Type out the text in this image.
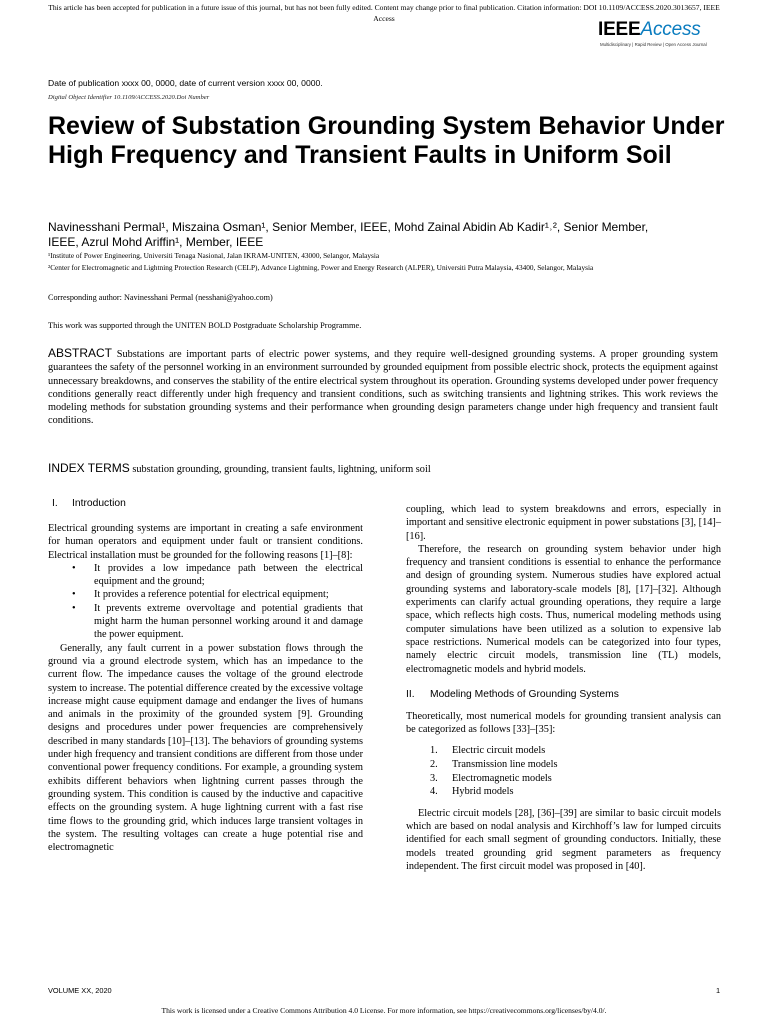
This article has been accepted for publication in a future issue of this journal, but has not been fully edited. Content may change prior to final publication. Citation information: DOI 10.1109/ACCESS.2020.3013657, IEEE
Access
IEEEAccess
Multidisciplinary | Rapid Review | Open Access Journal
Date of publication xxxx 00, 0000, date of current version xxxx 00, 0000.
Digital Object Identifier 10.1109/ACCESS.2020.Doi Number
Review of Substation Grounding System Behavior Under High Frequency and Transient Faults in Uniform Soil
Navinesshani Permal¹, Miszaina Osman¹, Senior Member, IEEE, Mohd Zainal Abidin Ab Kadir¹˒², Senior Member,
IEEE, Azrul Mohd Ariffin¹, Member, IEEE
¹Institute of Power Engineering, Universiti Tenaga Nasional, Jalan IKRAM-UNITEN, 43000, Selangor, Malaysia
²Center for Electromagnetic and Lightning Protection Research (CELP), Advance Lightning, Power and Energy Research (ALPER), Universiti Putra Malaysia, 43400, Selangor, Malaysia
Corresponding author: Navinesshani Permal (nesshani@yahoo.com)
This work was supported through the UNITEN BOLD Postgraduate Scholarship Programme.
ABSTRACT Substations are important parts of electric power systems, and they require well-designed grounding systems. A proper grounding system guarantees the safety of the personnel working in an environment surrounded by grounded equipment from possible electric shock, protects the equipment against unnecessary breakdowns, and conserves the stability of the entire electrical system throughout its operation. Grounding systems developed under power frequency conditions generally react differently under high frequency and transient conditions, such as switching transients and lightning strikes. This work reviews the modeling methods for substation grounding systems and their performance when grounding design parameters change under high frequency and transient fault conditions.
INDEX TERMS substation grounding, grounding, transient faults, lightning, uniform soil
I. Introduction

Electrical grounding systems are important in creating a safe environment for human operators and equipment under fault or transient conditions. Electrical installation must be grounded for the following reasons [1]–[8]:

• It provides a low impedance path between the electrical equipment and the ground;
• It provides a reference potential for electrical equipment;
• It prevents extreme overvoltage and potential gradients that might harm the human personnel working around it and damage the power equipment.

Generally, any fault current in a power substation flows through the ground via a ground electrode system, which has an impedance to the current flow. The impedance causes the voltage of the ground electrode system to increase. The potential difference created by the excessive voltage increase might cause equipment damage and endanger the lives of humans and animals in the proximity of the grounded system [9]. Grounding designs and procedures under power frequencies are comprehensively described in many standards [10]–[13]. The behaviors of grounding systems under high frequency and transient conditions are different from those under conventional power frequency conditions. For example, a grounding system exhibits different behaviors when lightning current passes through the grounding system. This condition is caused by the inductive and capacitive effects on the grounding system. A huge lightning current with a fast rise time flows to the grounding grid, which induces large transient voltages in the system. The resulting voltages can create a huge potential rise and electromagnetic

coupling, which lead to system breakdowns and errors, especially in important and sensitive electronic equipment in power substations [3], [14]–[16].

Therefore, the research on grounding system behavior under high frequency and transient conditions is essential to enhance the performance and design of grounding system. Numerous studies have explored actual grounding systems and laboratory-scale models [8], [17]–[32]. Although experiments can clarify actual grounding operations, they require a large space, which reflects high costs. Thus, numerical modeling methods using computer simulations have been utilized as a solution to expensive lab space restrictions. Numerical models can be categorized into four types, namely electric circuit models, transmission line (TL) models, electromagnetic models and hybrid models.

II. Modeling Methods of Grounding Systems

Theoretically, most numerical models for grounding transient analysis can be categorized as follows [33]–[35]:

1. Electric circuit models
2. Transmission line models
3. Electromagnetic models
4. Hybrid models

Electric circuit models [28], [36]–[39] are similar to basic circuit models which are based on nodal analysis and Kirchhoff’s law for lumped circuits identified for each small segment of grounding conductors. Initially, these models treated grounding grid segment parameters as frequency independent. The first circuit model was proposed in [40].

VOLUME XX, 2020	1
This work is licensed under a Creative Commons Attribution 4.0 License. For more information, see https://creativecommons.org/licenses/by/4.0/.
